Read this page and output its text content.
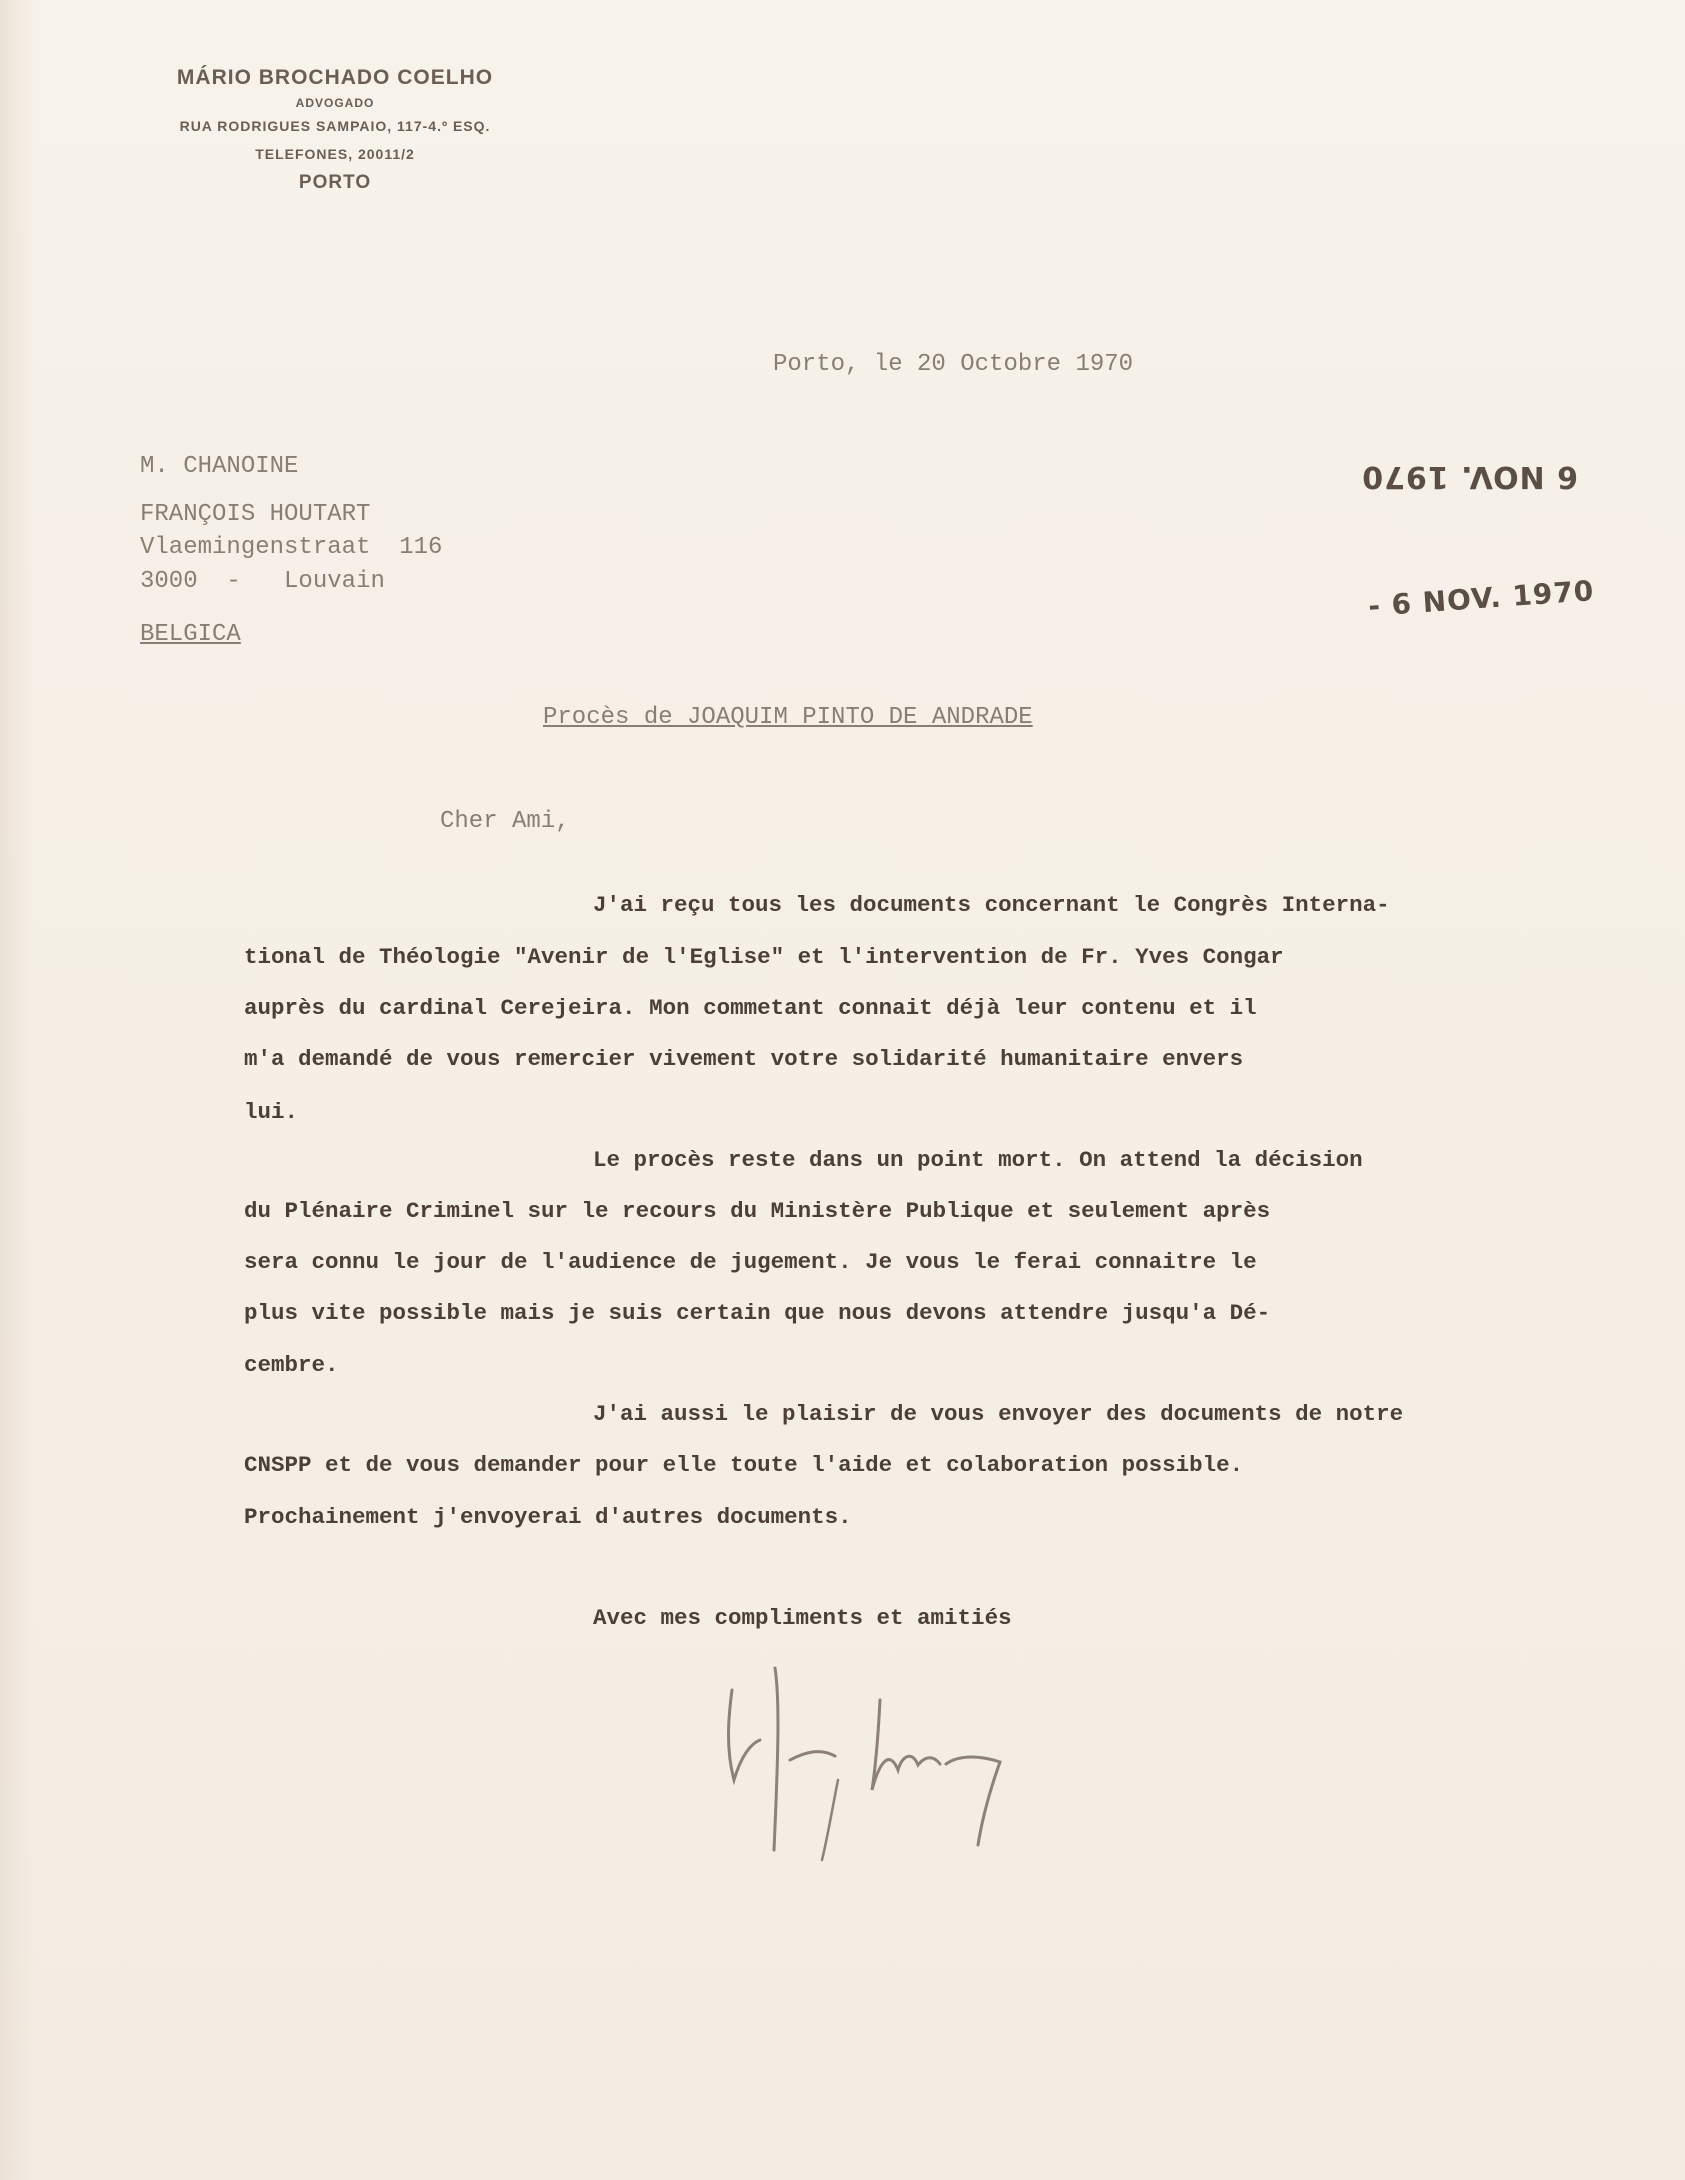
MÁRIO BROCHADO COELHO
ADVOGADO
RUA RODRIGUES SAMPAIO, 117-4.º ESQ.
TELEFONES, 20011/2
PORTO
Porto, le 20 Octobre 1970
M. CHANOINE
FRANÇOIS HOUTART
Vlaemingenstraat  116
3000  -   Louvain
BELGICA
6 NOV. 1970
- 6 NOV. 1970
Procès de JOAQUIM PINTO DE ANDRADE
Cher Ami,
J'ai reçu tous les documents concernant le Congrès Interna-
tional de Théologie "Avenir de l'Eglise" et l'intervention de Fr. Yves Congar
auprès du cardinal Cerejeira. Mon commetant connait déjà leur contenu et il
m'a demandé de vous remercier vivement votre solidarité humanitaire envers
lui.
Le procès reste dans un point mort. On attend la décision
du Plénaire Criminel sur le recours du Ministère Publique et seulement après
sera connu le jour de l'audience de jugement. Je vous le ferai connaitre le
plus vite possible mais je suis certain que nous devons attendre jusqu'a Dé-
cembre.
J'ai aussi le plaisir de vous envoyer des documents de notre
CNSPP et de vous demander pour elle toute l'aide et colaboration possible.
Prochainement j'envoyerai d'autres documents.
Avec mes compliments et amitiés
